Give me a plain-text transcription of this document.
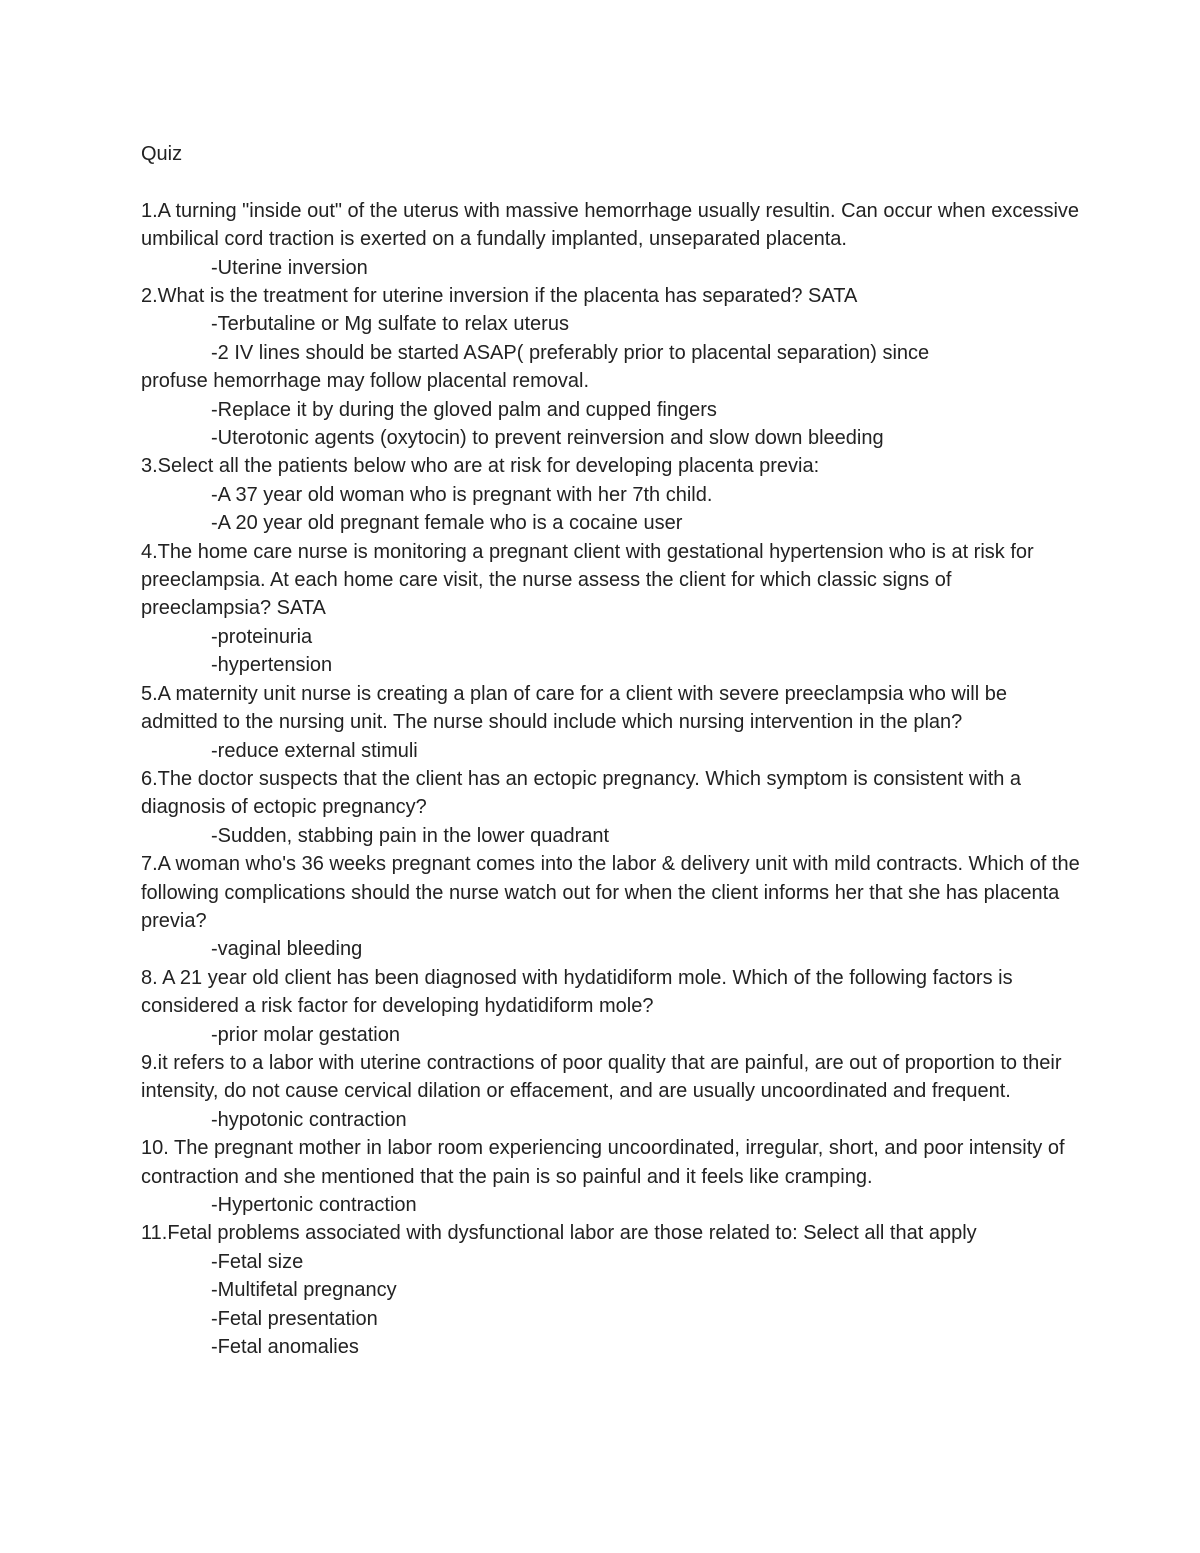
Quiz

1.A turning "inside out" of the uterus with massive hemorrhage usually resultin. Can occur when excessive umbilical cord traction is exerted on a fundally implanted, unseparated placenta.

-Uterine inversion

2.What is the treatment for uterine inversion if the placenta has separated? SATA

-Terbutaline or Mg sulfate to relax uterus

-2 IV lines should be started ASAP( preferably prior to placental separation) since

profuse hemorrhage may follow placental removal.

-Replace it by during the gloved palm and cupped fingers

-Uterotonic agents (oxytocin) to prevent reinversion and slow down bleeding

3.Select all the patients below who are at risk for developing placenta previa:

-A 37 year old woman who is pregnant with her 7th child.

-A 20 year old pregnant female who is a cocaine user

4.The home care nurse is monitoring a pregnant client with gestational hypertension who is at risk for preeclampsia. At each home care visit, the nurse assess the client for which classic signs of preeclampsia? SATA

-proteinuria

-hypertension

5.A maternity unit nurse is creating a plan of care for a client with severe preeclampsia who will be admitted to the nursing unit. The nurse should include which nursing intervention in the plan?

-reduce external stimuli

6.The doctor suspects that the client has an ectopic pregnancy. Which symptom is consistent with a diagnosis of ectopic pregnancy?

-Sudden, stabbing pain in the lower quadrant

7.A woman who's 36 weeks pregnant comes into the labor & delivery unit with mild contracts. Which of the following complications should the nurse watch out for when the client informs her that she has placenta previa?

-vaginal bleeding

8. A 21 year old client has been diagnosed with hydatidiform mole. Which of the following factors is considered a risk factor for developing hydatidiform mole?

-prior molar gestation

9.it refers to a labor with uterine contractions of poor quality that are painful, are out of proportion to their intensity, do not cause cervical dilation or effacement, and are usually uncoordinated and frequent.

-hypotonic contraction

10. The pregnant mother in labor room experiencing uncoordinated, irregular, short, and poor intensity of contraction and she mentioned that the pain is so painful and it feels like cramping.

-Hypertonic contraction

11.Fetal problems associated with dysfunctional labor are those related to: Select all that apply

-Fetal size

-Multifetal pregnancy

-Fetal presentation

-Fetal anomalies
